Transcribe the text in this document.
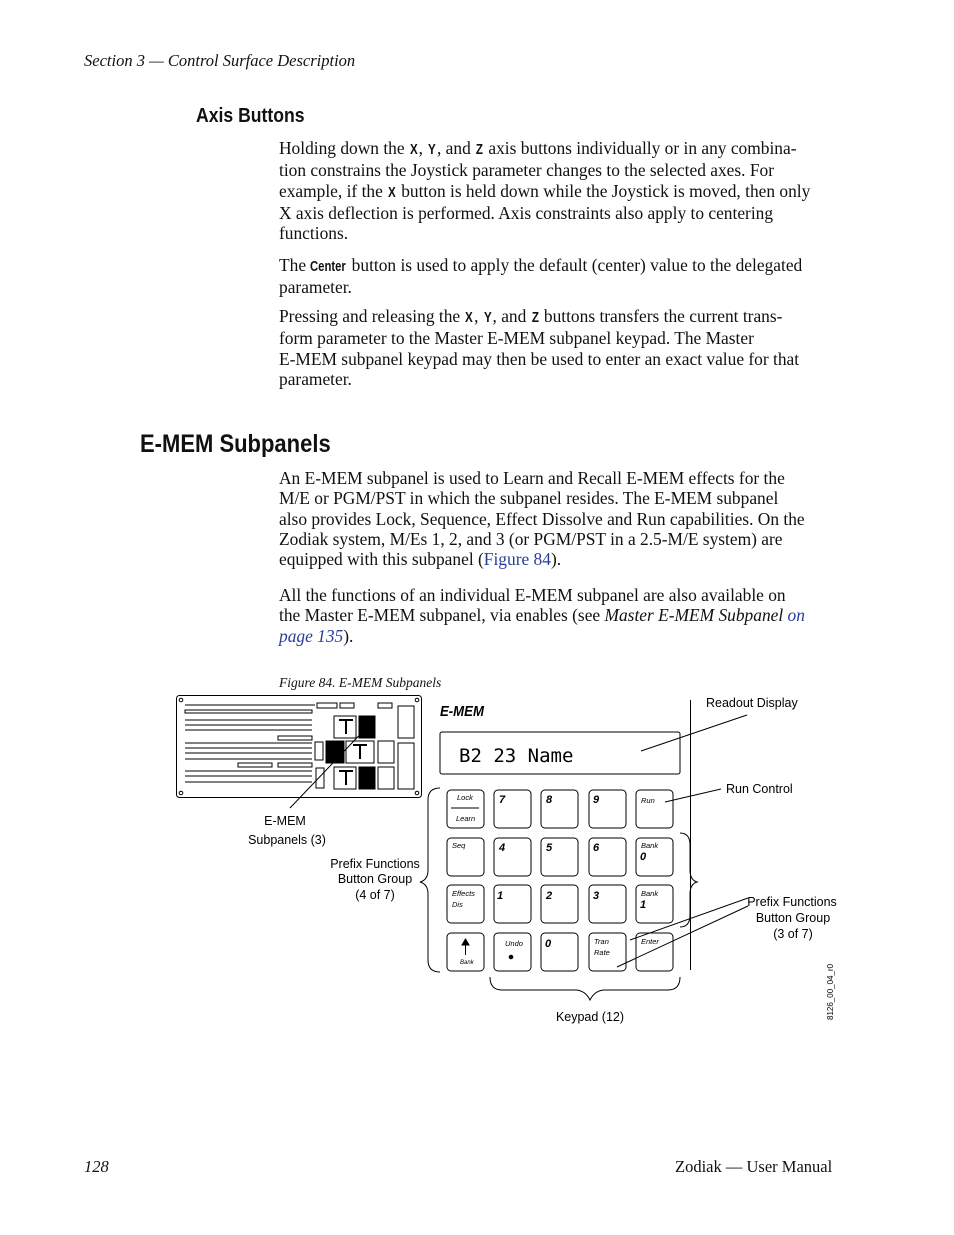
Section 3 — Control Surface Description
Axis Buttons
Holding down the X, Y, and Z axis buttons individually or in any combina-
tion constrains the Joystick parameter changes to the selected axes. For
example, if the X button is held down while the Joystick is moved, then only
X axis deflection is performed. Axis constraints also apply to centering
functions.
The Center button is used to apply the default (center) value to the delegated
parameter.
Pressing and releasing the X, Y, and Z buttons transfers the current trans-
form parameter to the Master E-MEM subpanel keypad. The Master
E-MEM subpanel keypad may then be used to enter an exact value for that
parameter.
E-MEM Subpanels
An E-MEM subpanel is used to Learn and Recall E-MEM effects for the
M/E or PGM/PST in which the subpanel resides. The E-MEM subpanel
also provides Lock, Sequence, Effect Dissolve and Run capabilities. On the
Zodiak system, M/Es 1, 2, and 3 (or PGM/PST in a 2.5-M/E system) are
equipped with this subpanel (Figure 84).
All the functions of an individual E-MEM subpanel are also available on
the Master E-MEM subpanel, via enables (see Master E-MEM Subpanel on
page 135).
Figure 84. E-MEM Subpanels
E-MEM
B2 23 Name
Lock
Learn
Seq
Effects
Dis
Bank
Undo	Tran
Rate
Enter
Run
Bank
Bank
0
1
7	8	9
4	5	6
1	2	3
0
Readout Display
Run Control
E-MEM
Subpanels (3)
Prefix Functions
Button Group
(4 of 7)	Prefix Functions
Button Group
(3 of 7)
Keypad (12)	8126_00_04_r0
128	Zodiak — User Manual
